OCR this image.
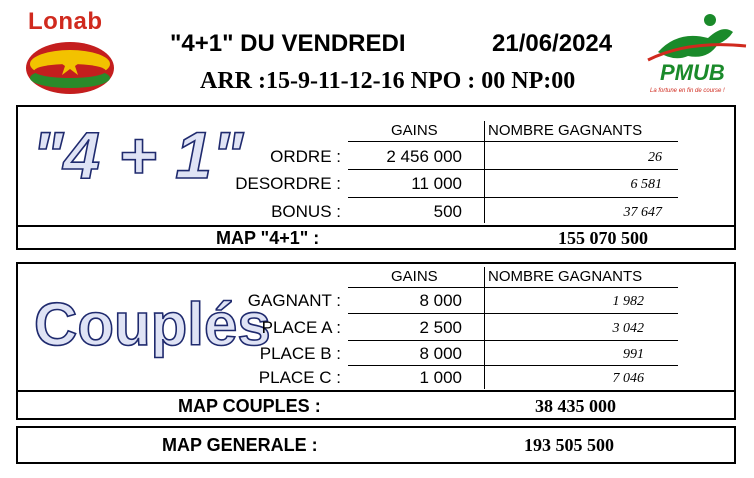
Lonab
"4+1" DU VENDREDI	21/06/2024
ARR :15-9-11-12-16 NPO : 00 NP:00	PMUB
La fortune en fin de course !
"4 + 1"	GAINS	NOMBRE GAGNANTS
ORDRE :	2 456 000	26
DESORDRE :	11 000	6 581
BONUS :	500	37 647
MAP "4+1" :	155 070 500
Couplés
GAINS	NOMBRE GAGNANTS
GAGNANT :	8 000	1 982
PLACE A :	2 500	3 042
PLACE B :	8 000	991
PLACE C :	1 000	7 046
MAP COUPLES :	38 435 000
MAP GENERALE :	193 505 500
